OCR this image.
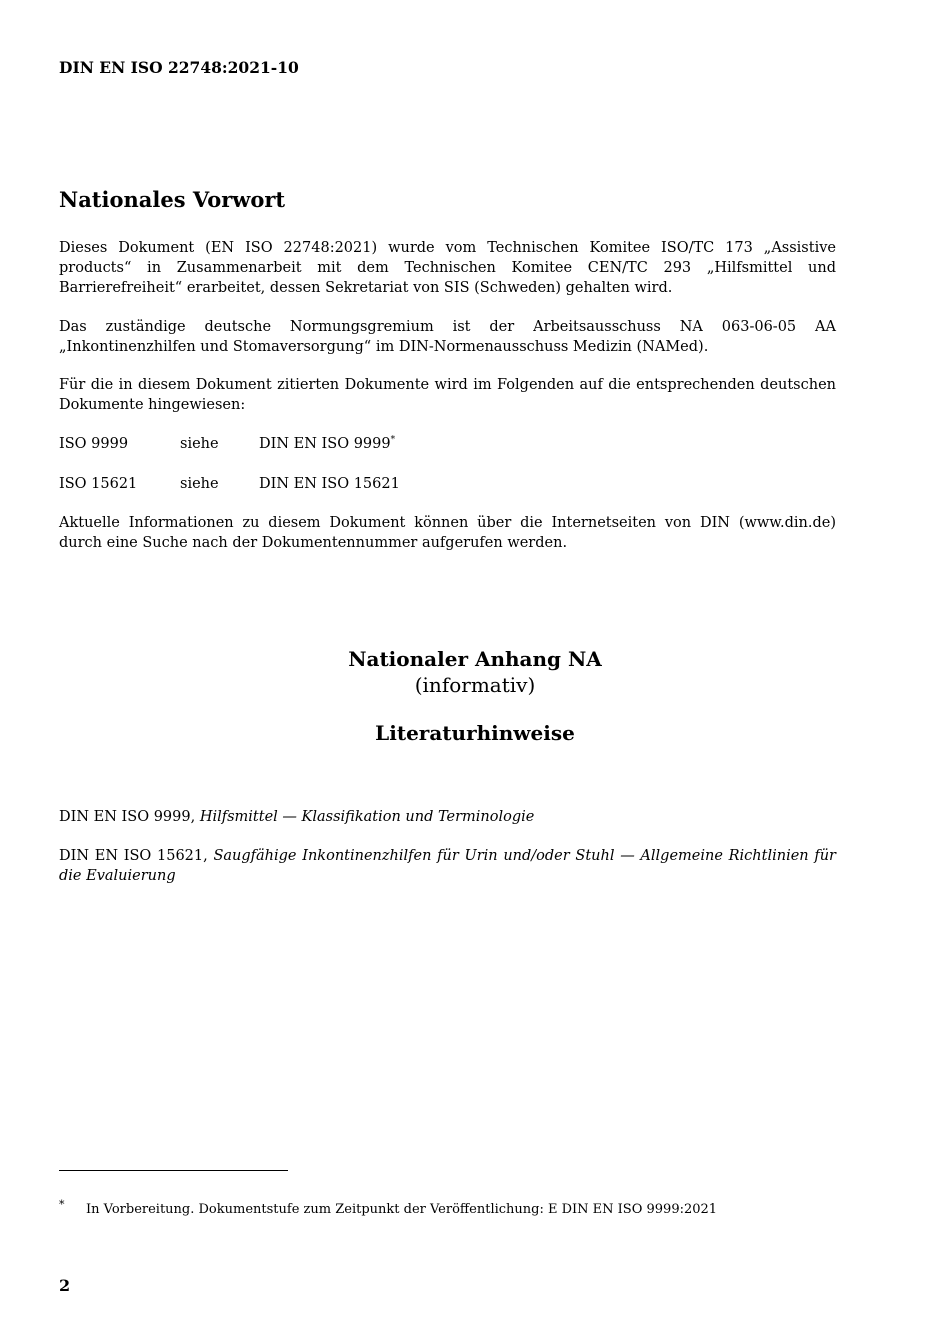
DIN EN ISO 22748:2021-10
Nationales Vorwort
Dieses Dokument (EN ISO 22748:2021) wurde vom Technischen Komitee ISO/TC 173 „Assistive products“ in Zusammenarbeit mit dem Technischen Komitee CEN/TC 293 „Hilfsmittel und Barrierefreiheit“ erarbeitet, dessen Sekretariat von SIS (Schweden) gehalten wird.
Das zuständige deutsche Normungsgremium ist der Arbeitsausschuss NA 063-06-05 AA „Inkontinenzhilfen und Stomaversorgung“ im DIN-Normenausschuss Medizin (NAMed).
Für die in diesem Dokument zitierten Dokumente wird im Folgenden auf die entsprechenden deutschen Dokumente hingewiesen:
ISO 9999	siehe	DIN EN ISO 9999*
ISO 15621	siehe	DIN EN ISO 15621
Aktuelle Informationen zu diesem Dokument können über die Internetseiten von DIN (www.din.de) durch eine Suche nach der Dokumentennummer aufgerufen werden.
Nationaler Anhang NA
(informativ)
Literaturhinweise
DIN EN ISO 9999, Hilfsmittel — Klassifikation und Terminologie
DIN EN ISO 15621, Saugfähige Inkontinenzhilfen für Urin und/oder Stuhl — Allgemeine Richtlinien für die Evaluierung
* In Vorbereitung. Dokumentstufe zum Zeitpunkt der Veröffentlichung: E DIN EN ISO 9999:2021
2
